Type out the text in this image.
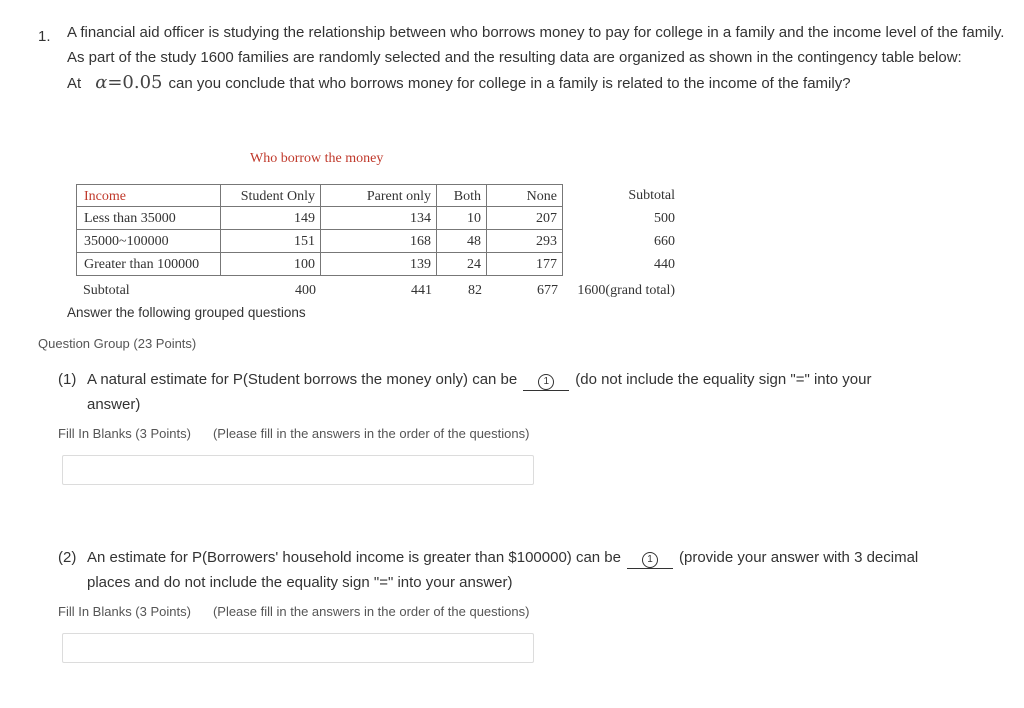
1. A financial aid officer is studying the relationship between who borrows money to pay for college in a family and the income level of the family. As part of the study 1600 families are randomly selected and the resulting data are organized as shown in the contingency table below: At α=0.05 can you conclude that who borrows money for college in a family is related to the income of the family?
Who borrow the money
Income	Student Only	Parent only	Both	None	Subtotal
Less than 35000	149	134	10	207	500
35000~100000	151	168	48	293	660
Greater than 100000	100	139	24	177	440
Subtotal	400	441	82	677	1600(grand total)
Answer the following grouped questions
Question Group (23 Points)
(1) A natural estimate for P(Student borrows the money only) can be	1 (do not include the equality sign "=" into your
answer)
Fill In Blanks (3 Points) (Please fill in the answers in the order of the questions)
(2) An estimate for P(Borrowers' household income is greater than $100000) can be	1 (provide your answer with 3 decimal
places and do not include the equality sign "=" into your answer)
Fill In Blanks (3 Points) (Please fill in the answers in the order of the questions)
